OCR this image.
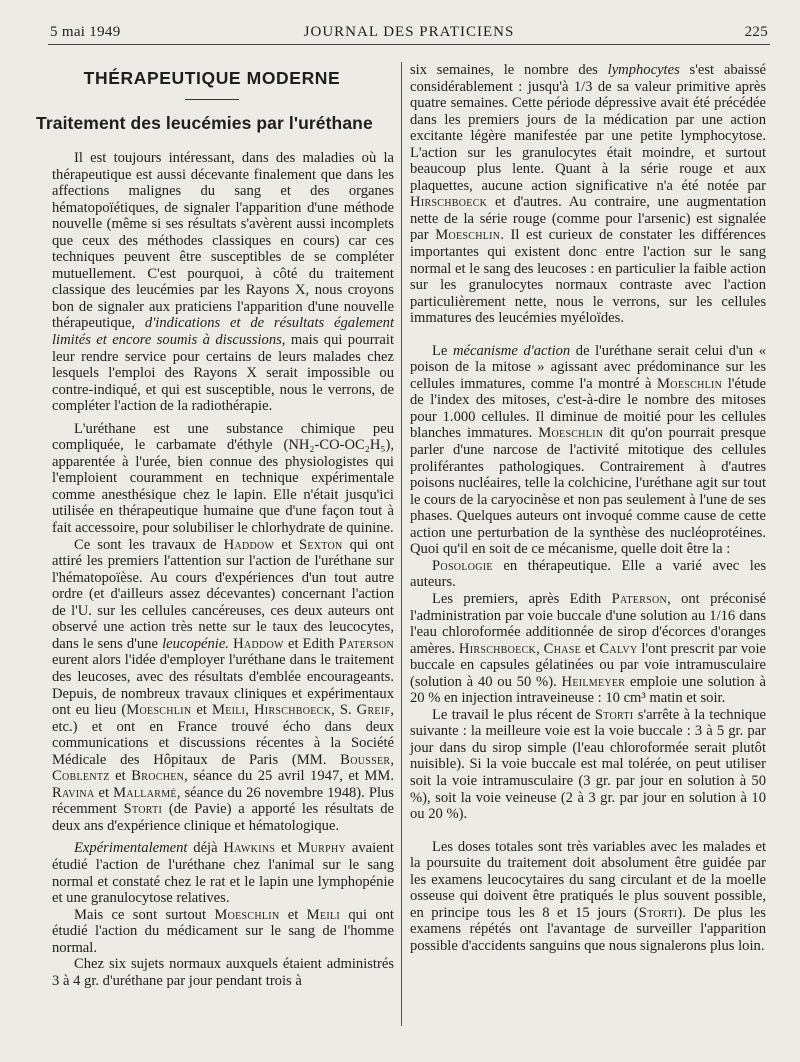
5 mai 1949	JOURNAL DES PRATICIENS	225
THÉRAPEUTIQUE MODERNE
Traitement des leucémies par l'uréthane

Il est toujours intéressant, dans des maladies où la thérapeutique est aussi décevante finalement que dans les affections malignes du sang et des organes hématopoïétiques, de signaler l'apparition d'une méthode nouvelle (même si ses résultats s'avèrent aussi incomplets que ceux des méthodes classiques en cours) car ces techniques peuvent être susceptibles de se compléter mutuellement. C'est pourquoi, à côté du traitement classique des leucémies par les Rayons X, nous croyons bon de signaler aux praticiens l'apparition d'une nouvelle thérapeutique, d'indications et de résultats également limités et encore soumis à discussions, mais qui pourrait leur rendre service pour certains de leurs malades chez lesquels l'emploi des Rayons X serait impossible ou contre-indiqué, et qui est susceptible, nous le verrons, de compléter l'action de la radiothérapie.

L'uréthane est une substance chimique peu compliquée, le carbamate d'éthyle (NH₂-CO-OC₂H₅), apparentée à l'urée, bien connue des physiologistes qui l'emploient couramment en technique expérimentale comme anesthésique chez le lapin. Elle n'était jusqu'ici utilisée en thérapeutique humaine que d'une façon tout à fait accessoire, pour solubiliser le chlorhydrate de quinine.

Ce sont les travaux de Haddow et Sexton qui ont attiré les premiers l'attention sur l'action de l'uréthane sur l'hématopoïèse. Au cours d'expériences d'un tout autre ordre (et d'ailleurs assez décevantes) concernant l'action de l'U. sur les cellules cancéreuses, ces deux auteurs ont observé une action très nette sur le taux des leucocytes, dans le sens d'une leucopénie. Haddow et Edith Paterson eurent alors l'idée d'employer l'uréthane dans le traitement des leucoses, avec des résultats d'emblée encourageants. Depuis, de nombreux travaux cliniques et expérimentaux ont eu lieu (Moeschlin et Meili, Hirschboeck, S. Greif, etc.) et ont en France trouvé écho dans deux communications et discussions récentes à la Société Médicale des Hôpitaux de Paris (MM. Bousser, Coblentz et Brochen, séance du 25 avril 1947, et MM. Ravina et Mallarmé, séance du 26 novembre 1948). Plus récemment Storti (de Pavie) a apporté les résultats de deux ans d'expérience clinique et hématologique.

Expérimentalement déjà Hawkins et Murphy avaient étudié l'action de l'uréthane chez l'animal sur le sang normal et constaté chez le rat et le lapin une lymphopénie et une granulocytose relatives.

Mais ce sont surtout Moeschlin et Meili qui ont étudié l'action du médicament sur le sang de l'homme normal.

Chez six sujets normaux auxquels étaient administrés 3 à 4 gr. d'uréthane par jour pendant trois à

six semaines, le nombre des lymphocytes s'est abaissé considérablement : jusqu'à 1/3 de sa valeur primitive après quatre semaines. Cette période dépressive avait été précédée dans les premiers jours de la médication par une action excitante légère manifestée par une petite lymphocytose. L'action sur les granulocytes était moindre, et surtout beaucoup plus lente. Quant à la série rouge et aux plaquettes, aucune action significative n'a été notée par Hirschboeck et d'autres. Au contraire, une augmentation nette de la série rouge (comme pour l'arsenic) est signalée par Moeschlin. Il est curieux de constater les différences importantes qui existent donc entre l'action sur le sang normal et le sang des leucoses : en particulier la faible action sur les granulocytes normaux contraste avec l'action particulièrement nette, nous le verrons, sur les cellules immatures des leucémies myéloïdes.

Le mécanisme d'action de l'uréthane serait celui d'un « poison de la mitose » agissant avec prédominance sur les cellules immatures, comme l'a montré à Moeschlin l'étude de l'index des mitoses, c'est-à-dire le nombre des mitoses pour 1.000 cellules. Il diminue de moitié pour les cellules blanches immatures. Moeschlin dit qu'on pourrait presque parler d'une narcose de l'activité mitotique des cellules proliférantes pathologiques. Contrairement à d'autres poisons nucléaires, telle la colchicine, l'uréthane agit sur tout le cours de la caryocinèse et non pas seulement à l'une de ses phases. Quelques auteurs ont invoqué comme cause de cette action une perturbation de la synthèse des nucléoprotéines. Quoi qu'il en soit de ce mécanisme, quelle doit être la :

Posologie en thérapeutique. Elle a varié avec les auteurs.

Les premiers, après Edith Paterson, ont préconisé l'administration par voie buccale d'une solution au 1/16 dans l'eau chloroformée additionnée de sirop d'écorces d'oranges amères. Hirschboeck, Chase et Calvy l'ont prescrit par voie buccale en capsules gélatinées ou par voie intramusculaire (solution à 40 ou 50 %). Heilmeyer emploie une solution à 20 % en injection intraveineuse : 10 cm³ matin et soir.

Le travail le plus récent de Storti s'arrête à la technique suivante : la meilleure voie est la voie buccale : 3 à 5 gr. par jour dans du sirop simple (l'eau chloroformée serait plutôt nuisible). Si la voie buccale est mal tolérée, on peut utiliser soit la voie intramusculaire (3 gr. par jour en solution à 50 %), soit la voie veineuse (2 à 3 gr. par jour en solution à 10 ou 20 %).

Les doses totales sont très variables avec les malades et la poursuite du traitement doit absolument être guidée par les examens leucocytaires du sang circulant et de la moelle osseuse qui doivent être pratiqués le plus souvent possible, en principe tous les 8 et 15 jours (Storti). De plus les examens répétés ont l'avantage de surveiller l'apparition possible d'accidents sanguins que nous signalerons plus loin.
